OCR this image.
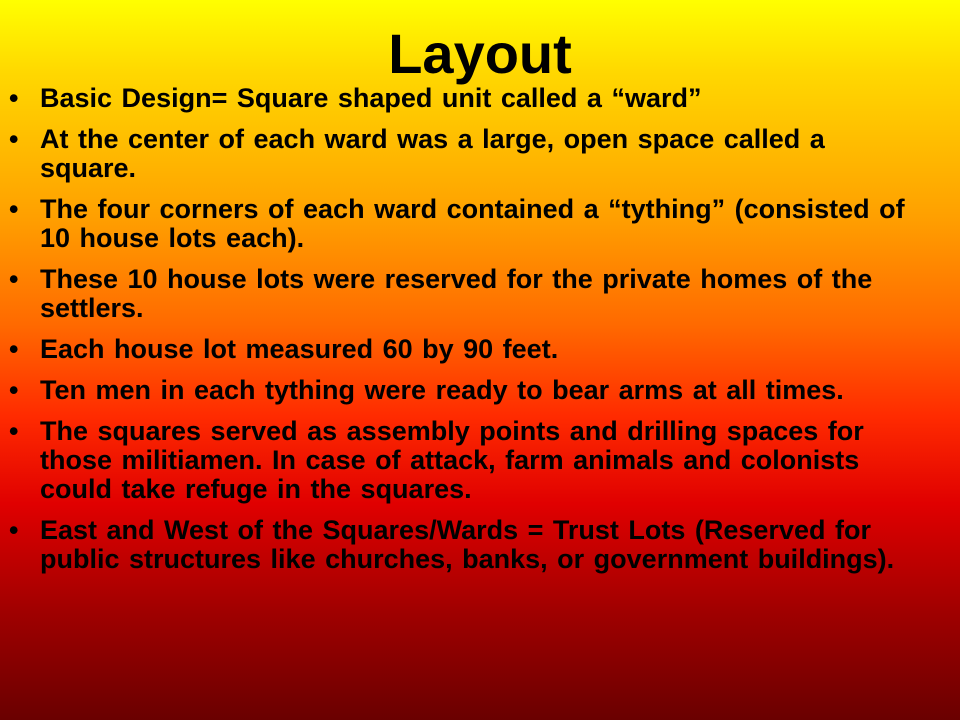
Layout
• Basic Design= Square shaped unit called a “ward”
• At the center of each ward was a large, open space called a square.
• The four corners of each ward contained a “tything” (consisted of 10 house lots each).
• These 10 house lots were reserved for the private homes of the settlers.
• Each house lot measured 60 by 90 feet.
• Ten men in each tything were ready to bear arms at all times.
• The squares served as assembly points and drilling spaces for those militiamen. In case of attack, farm animals and colonists could take refuge in the squares.
• East and West of the Squares/Wards = Trust Lots (Reserved for public structures like churches, banks, or government buildings).
